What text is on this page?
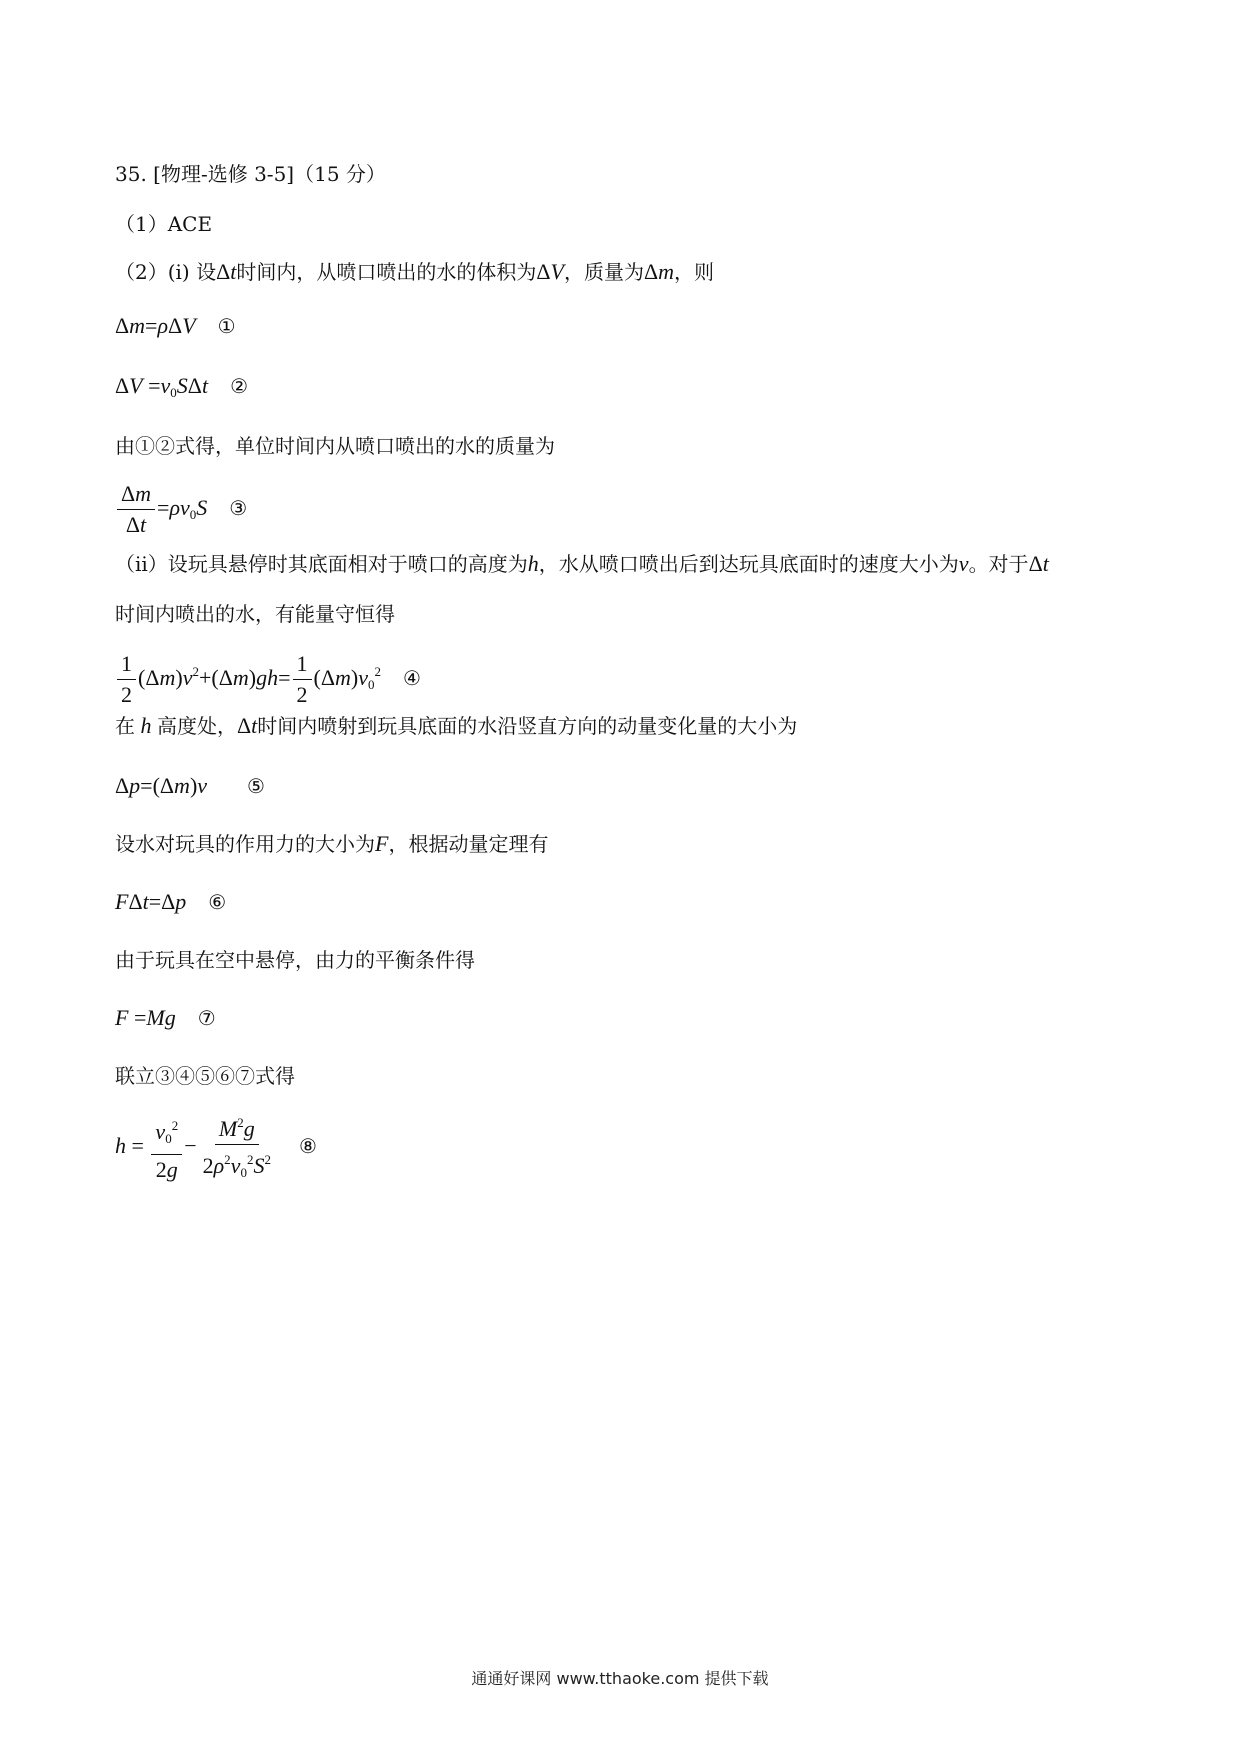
35. [物理-选修 3-5]（15 分）
（1）ACE
（2）(i) 设Δt时间内，从喷口喷出的水的体积为ΔV，质量为Δm，则
Δm=ρΔV ①
$\Delta V =v_0S\Delta t$ ②
由①②式得，单位时间内从喷口喷出的水的质量为
$\frac{\Delta m}{\Delta t} =\rho v_0S$ ③
（ii）设玩具悬停时其底面相对于喷口的高度为h，水从喷口喷出后到达玩具底面时的速度大小为v。对于Δt
时间内喷出的水，有能量守恒得
$\frac{1}{2} (\Delta m)v^2+(\Delta m)gh= \frac{1}{2} (\Delta m)v_0^2$ ④
在 h 高度处，Δt时间内喷射到玩具底面的水沿竖直方向的动量变化量的大小为
Δp=(Δm)v ⑤
设水对玩具的作用力的大小为F，根据动量定理有
FΔt=Δp ⑥
由于玩具在空中悬停，由力的平衡条件得
F =Mg ⑦
联立③④⑤⑥⑦式得
$h = \frac{v_0^2}{2g} - \frac{M^2g}{2\rho^2v_0^2S^2}$ ⑧
通通好课网 www.tthaoke.com 提供下载
